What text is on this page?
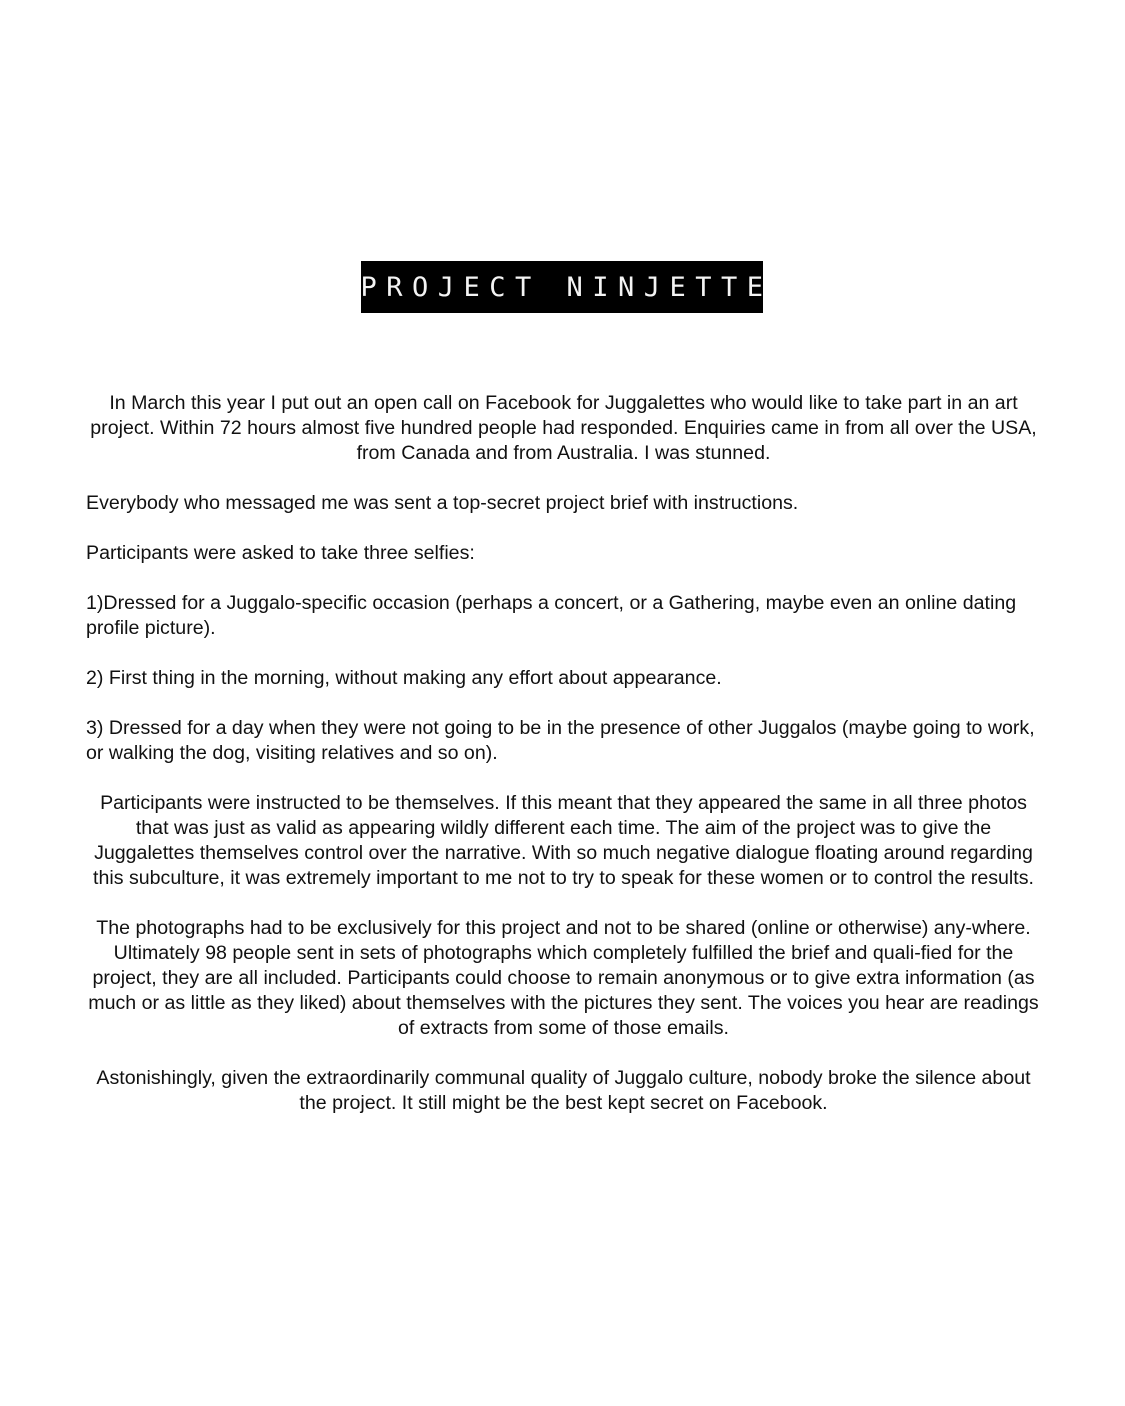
PROJECT NINJETTE

In March this year I put out an open call on Facebook for Juggalettes who would like to take part in an art project. Within 72 hours almost five hundred people had responded. Enquiries came in from all over the USA, from Canada and from Australia. I was stunned.

Everybody who messaged me was sent a top-secret project brief with instructions.

Participants were asked to take three selfies:

1)Dressed for a Juggalo-specific occasion (perhaps a concert, or a Gathering, maybe even an online dating profile picture).

2) First thing in the morning, without making any effort about appearance.

3) Dressed for a day when they were not going to be in the presence of other Juggalos (maybe going to work, or walking the dog, visiting relatives and so on).

Participants were instructed to be themselves. If this meant that they appeared the same in all three photos that was just as valid as appearing wildly different each time. The aim of the project was to give the Juggalettes themselves control over the narrative. With so much negative dialogue floating around regarding this subculture, it was extremely important to me not to try to speak for these women or to control the results.

The photographs had to be exclusively for this project and not to be shared (online or otherwise) any-where. Ultimately 98 people sent in sets of photographs which completely fulfilled the brief and quali-fied for the project, they are all included. Participants could choose to remain anonymous or to give extra information (as much or as little as they liked) about themselves with the pictures they sent. The voices you hear are readings of extracts from some of those emails.

Astonishingly, given the extraordinarily communal quality of Juggalo culture, nobody broke the silence about the project. It still might be the best kept secret on Facebook.
